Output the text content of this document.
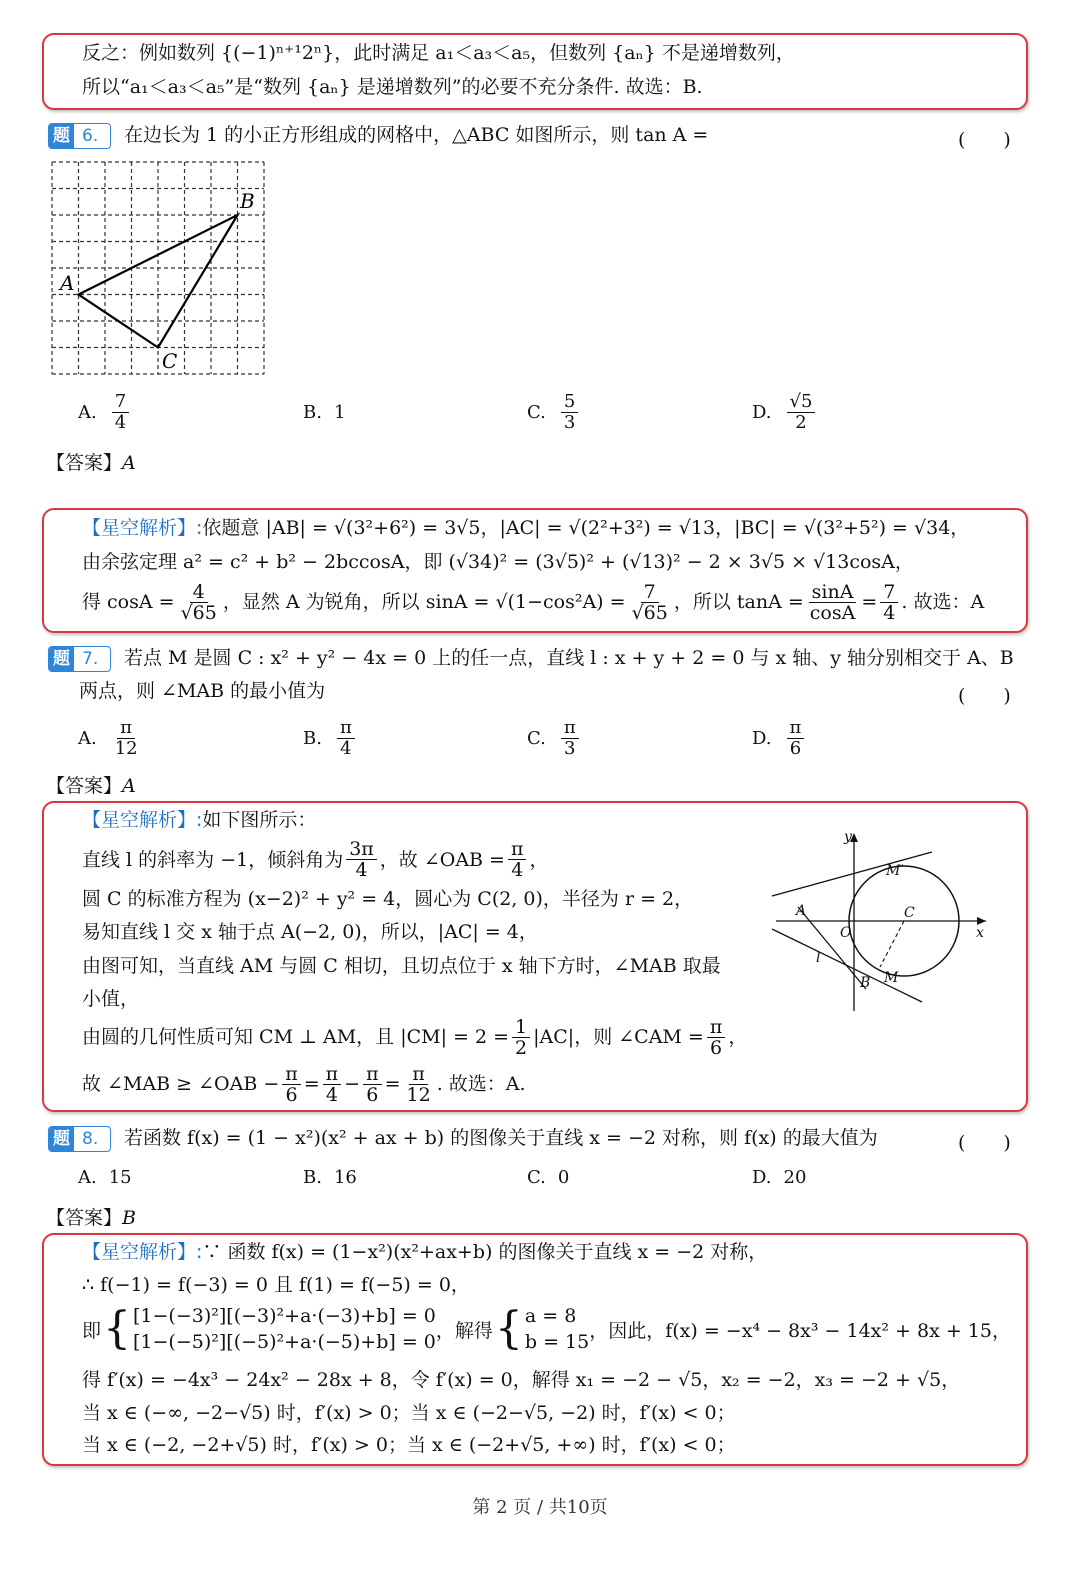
反之：例如数列 {(−1)ⁿ⁺¹2ⁿ}，此时满足 a₁＜a₃＜a₅，但数列 {aₙ} 不是递增数列，
所以“a₁＜a₃＜a₅”是“数列 {aₙ} 是递增数列”的必要不充分条件. 故选：B.
题 6.	在边长为 1 的小正方形组成的网格中，△ABC 如图所示，则 tan A =	(　　)
B
A
C
A. $\frac{7}{4}$	B. 1	C. $\frac{5}{3}$	D. $\frac{√5}{2}$
【答案】A
【星空解析】:依题意 |AB| = √(3²+6²) = 3√5，|AC| = √(2²+3²) = √13，|BC| = √(3²+5²) = √34，
由余弦定理 a² = c² + b² − 2bccosA，即 (√34)² = (3√5)² + (√13)² − 2 × 3√5 × √13cosA，
得 $\cos A = \frac{4}{√65}$ ，显然 A 为锐角，所以 $\sin A = √(1-\cos^2A) = \frac{7}{√65}$ ，所以 $\tan A = \frac{\sin A}{\cos A} = \frac{7}{4}$ . 故选：A
题 7.	若点 M 是圆 C : x² + y² − 4x = 0 上的任一点，直线 l : x + y + 2 = 0 与 x 轴、y 轴分别相交于 A、B
两点，则 ∠MAB 的最小值为	(　　)
A. $\frac{\pi}{12}$	B. $\frac{\pi}{4}$	C. $\frac{\pi}{3}$	D. $\frac{\pi}{6}$
【答案】A
【星空解析】:如下图所示：
直线 l 的斜率为 −1，倾斜角为 $\frac{3\pi}{4}$ ，故 ∠OAB = $\frac{\pi}{4}$ ，
圆 C 的标准方程为 (x−2)² + y² = 4，圆心为 C(2, 0)，半径为 r = 2，
易知直线 l 交 x 轴于点 A(−2, 0)，所以，|AC| = 4，
由图可知，当直线 AM 与圆 C 相切，且切点位于 x 轴下方时，∠MAB 取最
小值，
由圆的几何性质可知 CM ⊥ AM，且 $|CM| = 2 = \frac{1}{2} |AC|$，则 ∠CAM = $\frac{\pi}{6}$ ，
故 ∠MAB ≥ ∠OAB − $\frac{\pi}{6} = \frac{\pi}{4} - \frac{\pi}{6} = \frac{\pi}{12}$ . 故选：A.
y
x
O
A	C
M′
M
B
l
题 8.	若函数 f(x) = (1 − x²)(x² + ax + b) 的图像关于直线 x = −2 对称，则 f(x) 的最大值为	(　　)
A. 15	B. 16	C. 0	D. 20
【答案】B
【星空解析】:∵ 函数 f(x) = (1−x²)(x²+ax+b) 的图像关于直线 x = −2 对称，
∴ f(−1) = f(−3) = 0 且 f(1) = f(−5) = 0，
即 { [1−(−3)²][(−3)²+a·(−3)+b] = 0
[1−(−5)²][(−5)²+a·(−5)+b] = 0
，解得 { a = 8
b = 15
，因此，f(x) = −x⁴ − 8x³ − 14x² + 8x + 15，
得 f′(x) = −4x³ − 24x² − 28x + 8，令 f′(x) = 0，解得 x₁ = −2 − √5，x₂ = −2，x₃ = −2 + √5，
当 x ∈ (−∞, −2−√5) 时，f′(x) > 0；当 x ∈ (−2−√5, −2) 时，f′(x) < 0；
当 x ∈ (−2, −2+√5) 时，f′(x) > 0；当 x ∈ (−2+√5, +∞) 时，f′(x) < 0；
第 2 页 / 共10页
